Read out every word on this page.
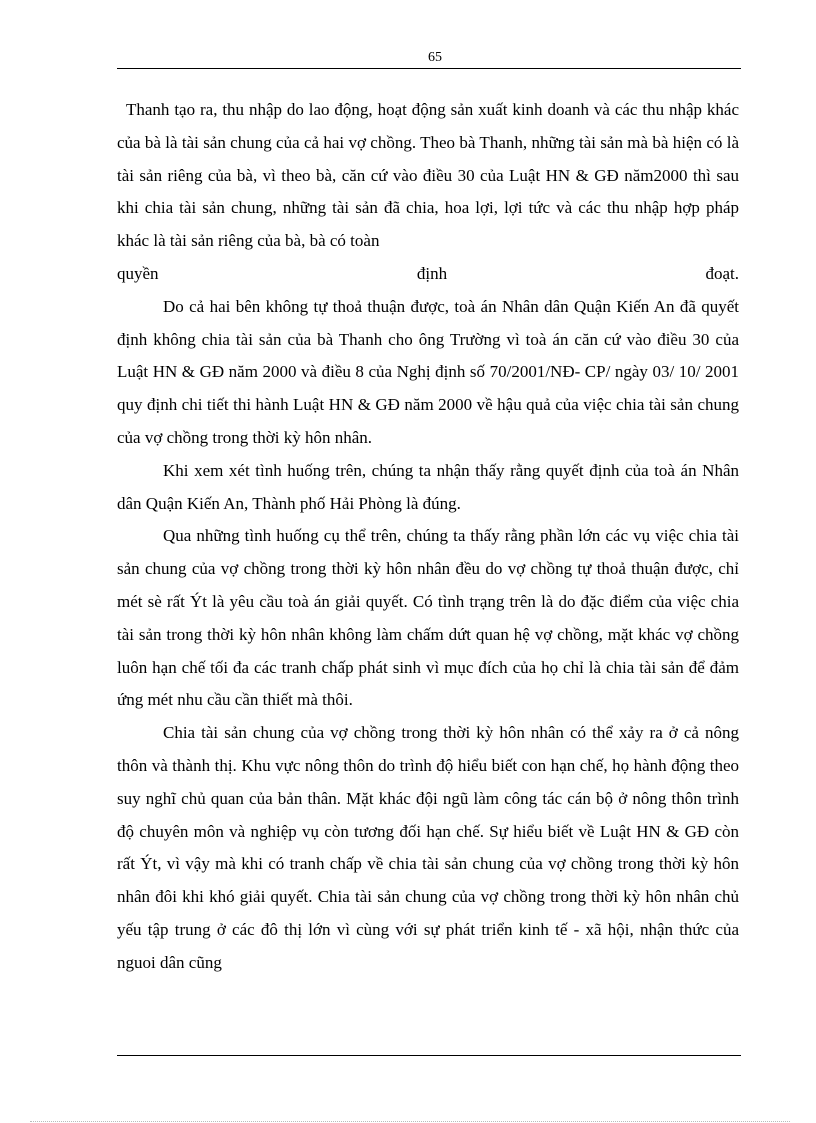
65

Thanh tạo ra, thu nhập do lao động, hoạt động sản xuất kinh doanh và các thu nhập khác của bà là tài sản chung của cả hai vợ chồng. Theo bà Thanh, những tài sản mà bà hiện có là tài sản riêng của bà, vì theo bà, căn cứ vào điều 30 của Luật HN & GĐ năm2000 thì sau khi chia tài sản chung, những tài sản đã chia, hoa lợi, lợi tức và các thu nhập hợp pháp khác là tài sản riêng của bà, bà có toàn

quyền	định	đoạt.

Do cả hai bên không tự thoả thuận được, toà án Nhân dân Quận Kiến An đã quyết định không chia tài sản của bà Thanh cho ông Trường vì toà án căn cứ vào điều 30 của Luật HN & GĐ năm 2000 và điều 8 của Nghị định số 70/2001/NĐ- CP/ ngày 03/ 10/ 2001 quy định chi tiết thi hành Luật HN & GĐ năm 2000 về hậu quả của việc chia tài sản chung của vợ chồng trong thời kỳ hôn nhân.

Khi xem xét tình huống trên, chúng ta nhận thấy rằng quyết định của toà án Nhân dân Quận Kiến An, Thành phố Hải Phòng là đúng.

Qua những tình huống cụ thể trên, chúng ta thấy rằng phần lớn các vụ việc chia tài sản chung của vợ chồng trong thời kỳ hôn nhân đều do vợ chồng tự thoả thuận được, chỉ mét sè rất Ýt là yêu cầu toà án giải quyết. Có tình trạng trên là do đặc điểm của việc chia tài sản trong thời kỳ hôn nhân không làm chấm dứt quan hệ vợ chồng, mặt khác vợ chồng luôn hạn chế tối đa các tranh chấp phát sinh vì mục đích của họ chỉ là chia tài sản để đảm ứng mét nhu cầu cần thiết mà thôi.

Chia tài sản chung của vợ chồng trong thời kỳ hôn nhân có thể xảy ra ở cả nông thôn và thành thị. Khu vực nông thôn do trình độ hiểu biết con hạn chế, họ hành động theo suy nghĩ chủ quan của bản thân. Mặt khác đội ngũ làm công tác cán bộ ở nông thôn trình độ chuyên môn và nghiệp vụ còn tương đối hạn chế. Sự hiểu biết về Luật HN & GĐ còn rất Ýt, vì vậy mà khi có tranh chấp về chia tài sản chung của vợ chồng trong thời kỳ hôn nhân đôi khi khó giải quyết. Chia tài sản chung của vợ chồng trong thời kỳ hôn nhân chủ yếu tập trung ở các đô thị lớn vì cùng với sự phát triển kinh tế - xã hội, nhận thức của nguoi dân cũng
